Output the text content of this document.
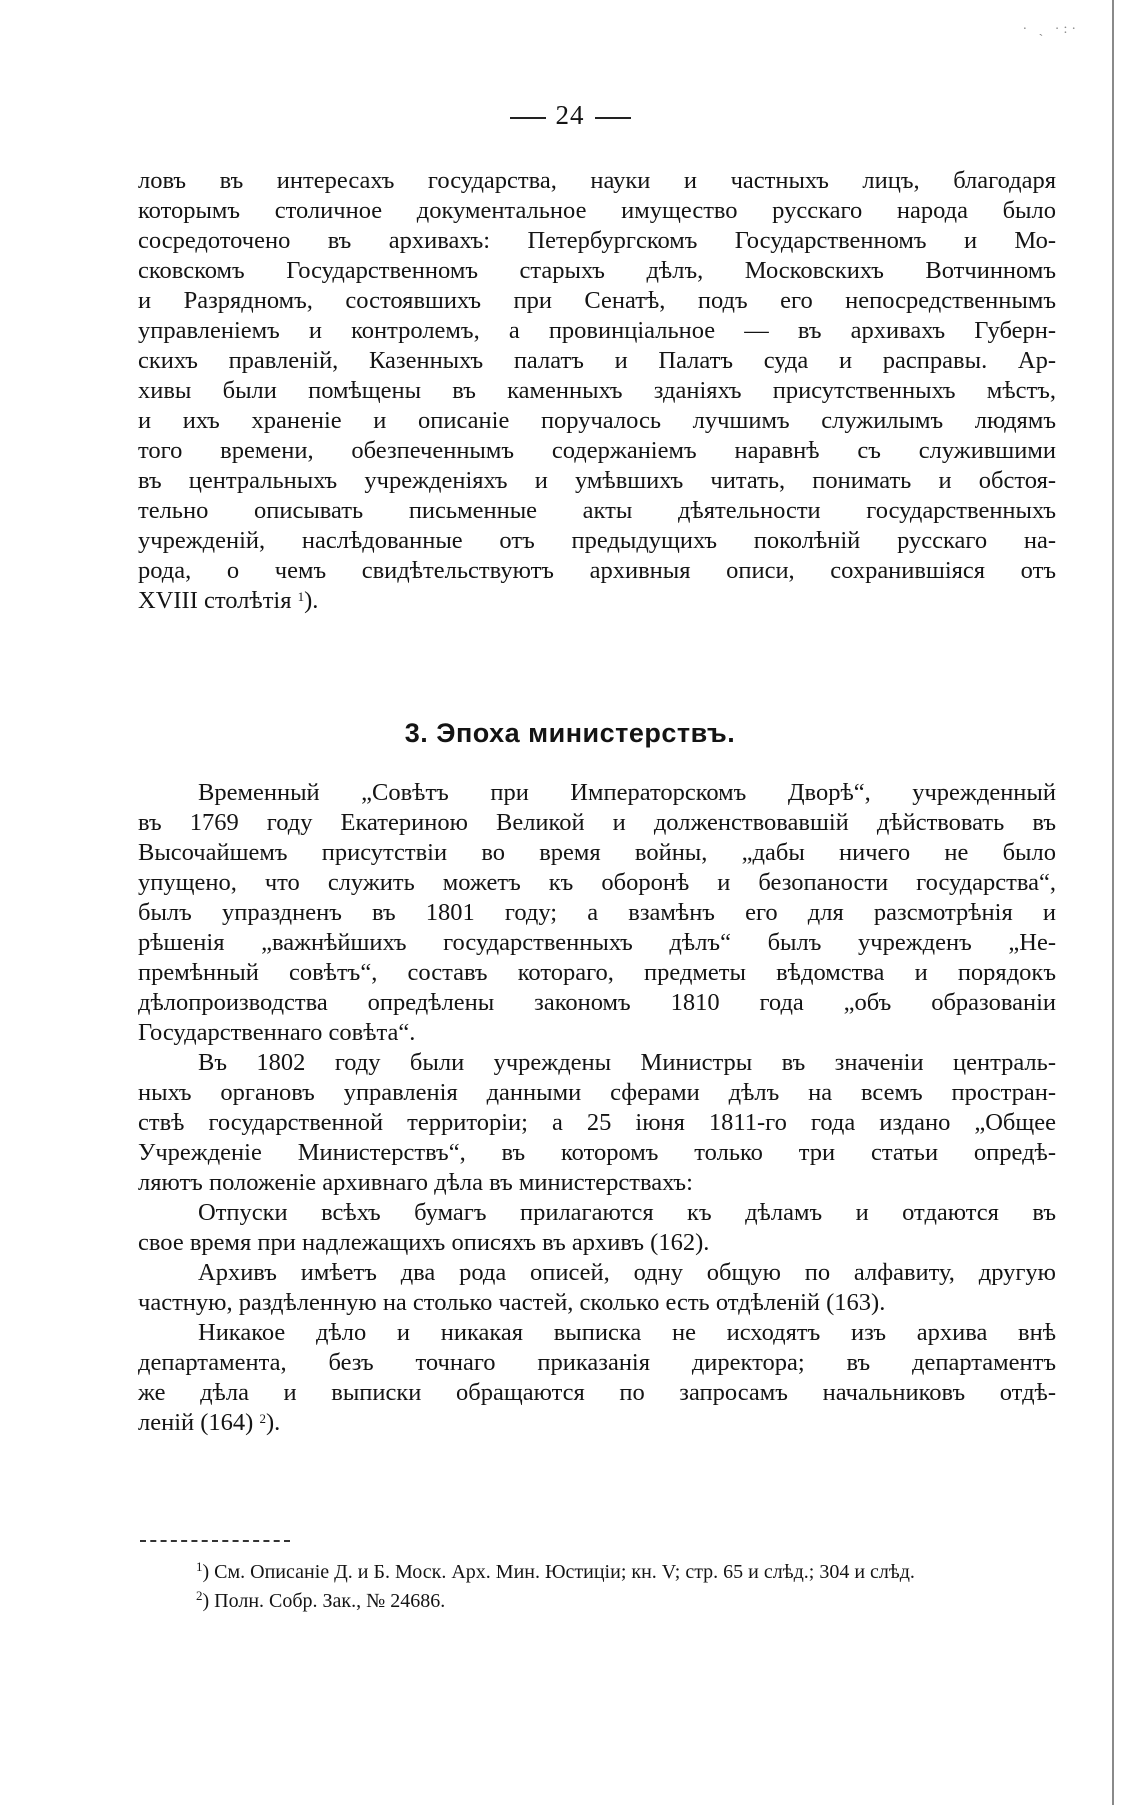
· ˏ ·:·
24
ловъ въ интересахъ государства, науки и частныхъ лицъ, благодаря
которымъ столичное документальное имущество русскаго народа было
сосредоточено въ архивахъ: Петербургскомъ Государственномъ и Мо-
сковскомъ Государственномъ старыхъ дѣлъ, Московскихъ Вотчинномъ
и Разрядномъ, состоявшихъ при Сенатѣ, подъ его непосредственнымъ
управленіемъ и контролемъ, а провинціальное — въ архивахъ Губерн-
скихъ правленій, Казенныхъ палатъ и Палатъ суда и расправы. Ар-
хивы были помѣщены въ каменныхъ зданіяхъ присутственныхъ мѣстъ,
и ихъ храненіе и описаніе поручалось лучшимъ служилымъ людямъ
того времени, обезпеченнымъ содержаніемъ наравнѣ съ служившими
въ центральныхъ учрежденіяхъ и умѣвшихъ читать, понимать и обстоя-
тельно описывать письменные акты дѣятельности государственныхъ
учрежденій, наслѣдованные отъ предыдущихъ поколѣній русскаго на-
рода, о чемъ свидѣтельствуютъ архивныя описи, сохранившіяся отъ
XVIII столѣтія $^1$).
3. Эпоха министерствъ.

Временный „Совѣтъ при Императорскомъ Дворѣ“, учрежденный
въ 1769 году Екатериною Великой и долженствовавшій дѣйствовать въ
Высочайшемъ присутствіи во время войны, „дабы ничего не было
упущено, что служить можетъ къ оборонѣ и безопаности государства“,
былъ упраздненъ въ 1801 году; а взамѣнъ его для разсмотрѣнія и
рѣшенія „важнѣйшихъ государственныхъ дѣлъ“ былъ учрежденъ „Не-
премѣнный совѣтъ“, составъ котораго, предметы вѣдомства и порядокъ
дѣлопроизводства опредѣлены закономъ 1810 года „объ образованіи
Государственнаго совѣта“.

Въ 1802 году были учреждены Министры въ значеніи централь-
ныхъ органовъ управленія данными сферами дѣлъ на всемъ простран-
ствѣ государственной территоріи; а 25 іюня 1811-го года издано „Общее
Учрежденіе Министерствъ“, въ которомъ только три статьи опредѣ-
ляютъ положеніе архивнаго дѣла въ министерствахъ:

Отпуски всѣхъ бумагъ прилагаются къ дѣламъ и отдаются въ
свое время при надлежащихъ описяхъ въ архивъ (162).

Архивъ имѣетъ два рода описей, одну общую по алфавиту, другую
частную, раздѣленную на столько частей, сколько есть отдѣленій (163).

Никакое дѣло и никакая выписка не исходятъ изъ архива внѣ
департамента, безъ точнаго приказанія директора; въ департаментъ
же дѣла и выписки обращаются по запросамъ начальниковъ отдѣ-
леній (164) $^2$).

$^1$) См. Описаніе Д. и Б. Моск. Арх. Мин. Юстиціи; кн. V; стр. 65 и слѣд.; 304 и слѣд.
$^2$) Полн. Собр. Зак., № 24686.
